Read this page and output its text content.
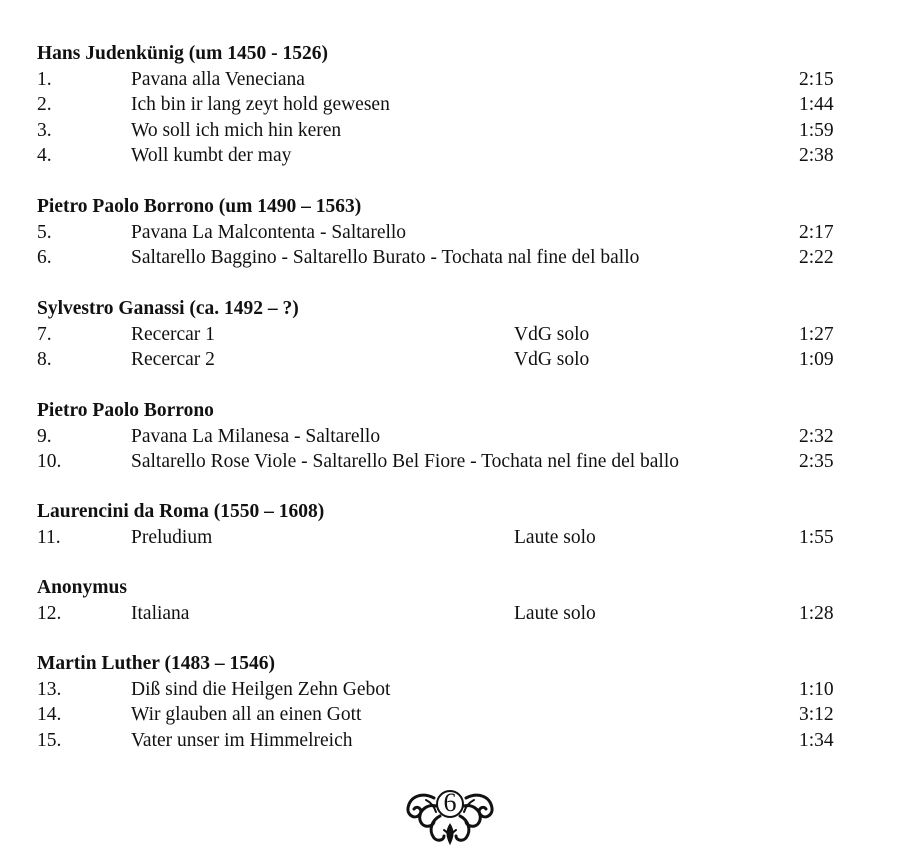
Hans Judenkünig (um 1450 - 1526)
1.	Pavana alla Veneciana	2:15
2.	Ich bin ir lang zeyt hold gewesen	1:44
3.	Wo soll ich mich hin keren	1:59
4.	Woll kumbt der may	2:38
Pietro Paolo Borrono (um 1490 – 1563)
5.	Pavana La Malcontenta - Saltarello	2:17
6.	Saltarello Baggino - Saltarello Burato - Tochata nal fine del ballo	2:22
Sylvestro Ganassi (ca. 1492 – ?)
7.	Recercar 1	VdG solo	1:27
8.	Recercar 2	VdG solo	1:09
Pietro Paolo Borrono
9.	Pavana La Milanesa - Saltarello	2:32
10.	Saltarello Rose Viole - Saltarello Bel Fiore - Tochata nel fine del ballo	2:35
Laurencini da Roma (1550 – 1608)
11.	Preludium	Laute solo	1:55
Anonymus
12.	Italiana	Laute solo	1:28
Martin Luther (1483 – 1546)
13.	Diß sind die Heilgen Zehn Gebot	1:10
14.	Wir glauben all an einen Gott	3:12
15.	Vater unser im Himmelreich	1:34
6
